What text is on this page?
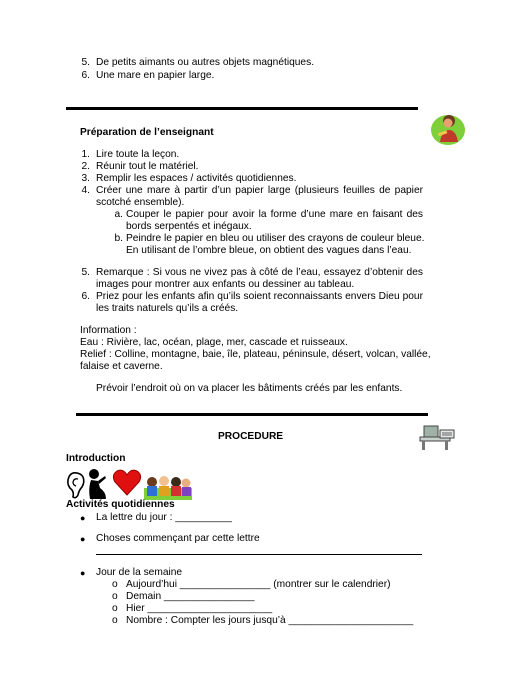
5. De petits aimants ou autres objets magnétiques.
6. Une mare en papier large.
Préparation de l’enseignant
1. Lire toute la leçon.
2. Réunir tout le matériel.
3. Remplir les espaces / activités quotidiennes.
4. Créer une mare à partir d’un papier large (plusieurs feuilles de papier
scotché ensemble).
a. Couper le papier pour avoir la forme d’une mare en faisant des
bords serpentés et inégaux.
b. Peindre le papier en bleu ou utiliser des crayons de couleur bleue.
En utilisant de l’ombre bleue, on obtient des vagues dans l’eau.
5. Remarque : Si vous ne vivez pas à côté de l’eau, essayez d’obtenir des
images pour montrer aux enfants ou dessiner au tableau.
6. Priez pour les enfants afin qu’ils soient reconnaissants envers Dieu pour
les traits naturels qu’ils a créés.
Information :
Eau : Rivière, lac, océan, plage, mer, cascade et ruisseaux.
Relief : Colline, montagne, baie, île, plateau, péninsule, désert, volcan, vallée,
falaise et caverne.
Prévoir l’endroit où on va placer les bâtiments créés par les enfants.
PROCEDURE
Introduction
Activités quotidiennes
● La lettre du jour : __________
● Choses commençant par cette lettre
● Jour de la semaine
o Aujourd’hui ________________ (montrer sur le calendrier)
o Demain ________________
o Hier ______________________
o Nombre : Compter les jours jusqu’à ______________________
